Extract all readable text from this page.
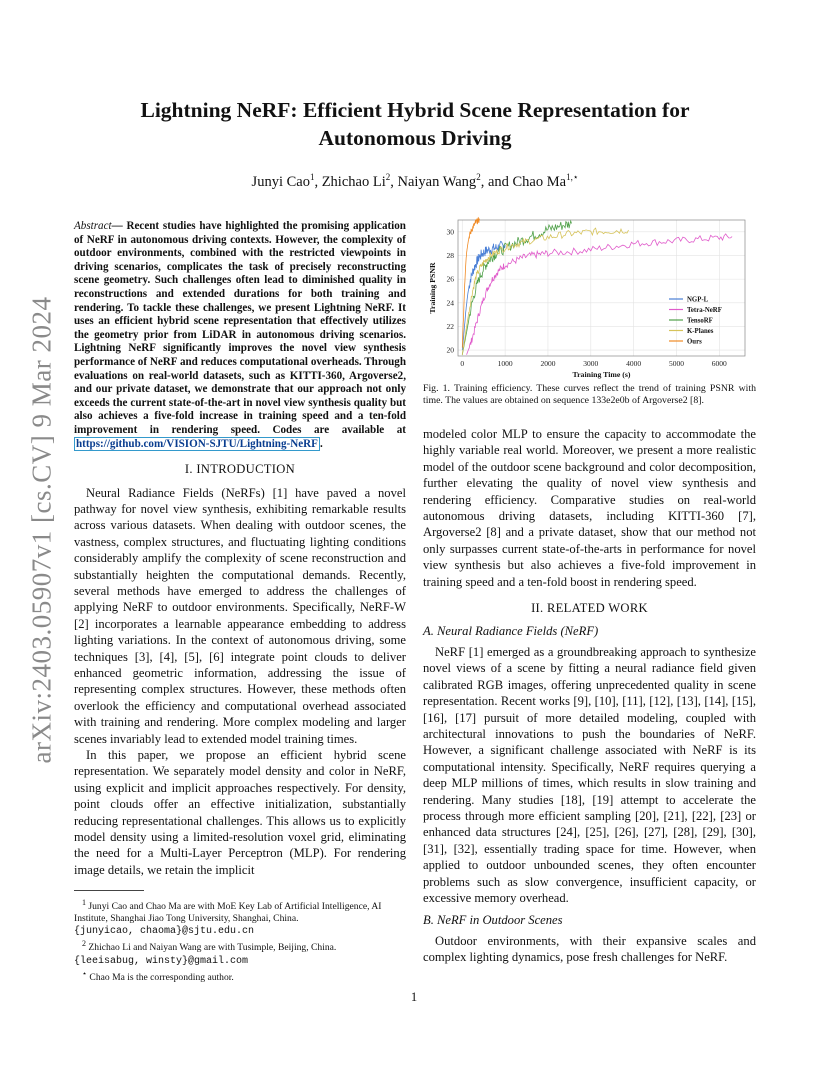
arXiv:2403.05907v1 [cs.CV] 9 Mar 2024
Lightning NeRF: Efficient Hybrid Scene Representation for Autonomous Driving
Junyi Cao$^1$, Zhichao Li$^2$, Naiyan Wang$^2$, and Chao $Ma^{1,⋆}$
Abstract— Recent studies have highlighted the promising application of NeRF in autonomous driving contexts. However, the complexity of outdoor environments, combined with the restricted viewpoints in driving scenarios, complicates the task of precisely reconstructing scene geometry. Such challenges often lead to diminished quality in reconstructions and extended durations for both training and rendering. To tackle these challenges, we present Lightning NeRF. It uses an efficient hybrid scene representation that effectively utilizes the geometry prior from LiDAR in autonomous driving scenarios. Lightning NeRF significantly improves the novel view synthesis performance of NeRF and reduces computational overheads. Through evaluations on real-world datasets, such as KITTI-360, Argoverse2, and our private dataset, we demonstrate that our approach not only exceeds the current state-of-the-art in novel view synthesis quality but also achieves a five-fold increase in training speed and a ten-fold improvement in rendering speed. Codes are available at https://github.com/VISION-SJTU/Lightning-NeRF .
I. INTRODUCTION

Neural Radiance Fields (NeRFs) [1] have paved a novel pathway for novel view synthesis, exhibiting remarkable results across various datasets. When dealing with outdoor scenes, the vastness, complex structures, and fluctuating lighting conditions considerably amplify the complexity of scene reconstruction and substantially heighten the computational demands. Recently, several methods have emerged to address the challenges of applying NeRF to outdoor environments. Specifically, NeRF-W [2] incorporates a learnable appearance embedding to address lighting variations. In the context of autonomous driving, some techniques [3], [4], [5], [6] integrate point clouds to deliver enhanced geometric information, addressing the issue of representing complex structures. However, these methods often overlook the efficiency and computational overhead associated with training and rendering. More complex modeling and larger scenes invariably lead to extended model training times.

In this paper, we propose an efficient hybrid scene representation. We separately model density and color in NeRF, using explicit and implicit approaches respectively. For density, point clouds offer an effective initialization, substantially reducing representational challenges. This allows us to explicitly model density using a limited-resolution voxel grid, eliminating the need for a Multi-Layer Perceptron (MLP). For rendering image details, we retain the implicit

$^1$ Junyi Cao and Chao Ma are with MoE Key Lab of Artificial Intelligence, AI Institute, Shanghai Jiao Tong University, Shanghai, China.
{junyicao, chaoma}@sjtu.edu.cn
$^2$ Zhichao Li and Naiyan Wang are with Tusimple, Beijing, China.
{leeisabug, winsty}@gmail.com
⋆ Chao Ma is the corresponding author.
0	1000	2000	3000	4000	5000	6000
20
22
24
26
28
30
Training Time (s)
Training PSNR	NGP-L
Tetra-NeRF
TensoRF
K-Planes
Ours
Fig. 1. Training efficiency. These curves reflect the trend of training PSNR with time. The values are obtained on sequence 133e2e0b of Argoverse2 [8].

modeled color MLP to ensure the capacity to accommodate the highly variable real world. Moreover, we present a more realistic model of the outdoor scene background and color decomposition, further elevating the quality of novel view synthesis and rendering efficiency. Comparative studies on real-world autonomous driving datasets, including KITTI-360 [7], Argoverse2 [8] and a private dataset, show that our method not only surpasses current state-of-the-arts in performance for novel view synthesis but also achieves a five-fold improvement in training speed and a ten-fold boost in rendering speed.

II. RELATED WORK
A. Neural Radiance Fields (NeRF)

NeRF [1] emerged as a groundbreaking approach to synthesize novel views of a scene by fitting a neural radiance field given calibrated RGB images, offering unprecedented quality in scene representation. Recent works [9], [10], [11], [12], [13], [14], [15], [16], [17] pursuit of more detailed modeling, coupled with architectural innovations to push the boundaries of NeRF. However, a significant challenge associated with NeRF is its computational intensity. Specifically, NeRF requires querying a deep MLP millions of times, which results in slow training and rendering. Many studies [18], [19] attempt to accelerate the process through more efficient sampling [20], [21], [22], [23] or enhanced data structures [24], [25], [26], [27], [28], [29], [30], [31], [32], essentially trading space for time. However, when applied to outdoor unbounded scenes, they often encounter problems such as slow convergence, insufficient capacity, or excessive memory overhead.

B. NeRF in Outdoor Scenes

Outdoor environments, with their expansive scales and complex lighting dynamics, pose fresh challenges for NeRF.

1
